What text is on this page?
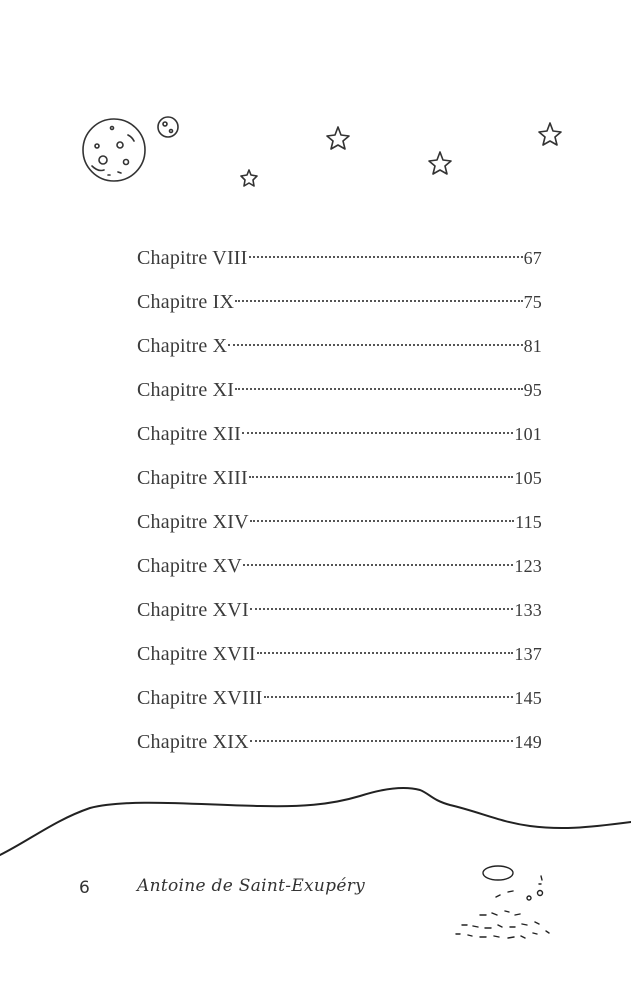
Chapitre VIII	67
Chapitre IX	75
Chapitre X	81
Chapitre XI	95
Chapitre XII	101
Chapitre XIII	105
Chapitre XIV	115
Chapitre XV	123
Chapitre XVI	133
Chapitre XVII	137
Chapitre XVIII	145
Chapitre XIX	149
6	Antoine de Saint-Exupéry
